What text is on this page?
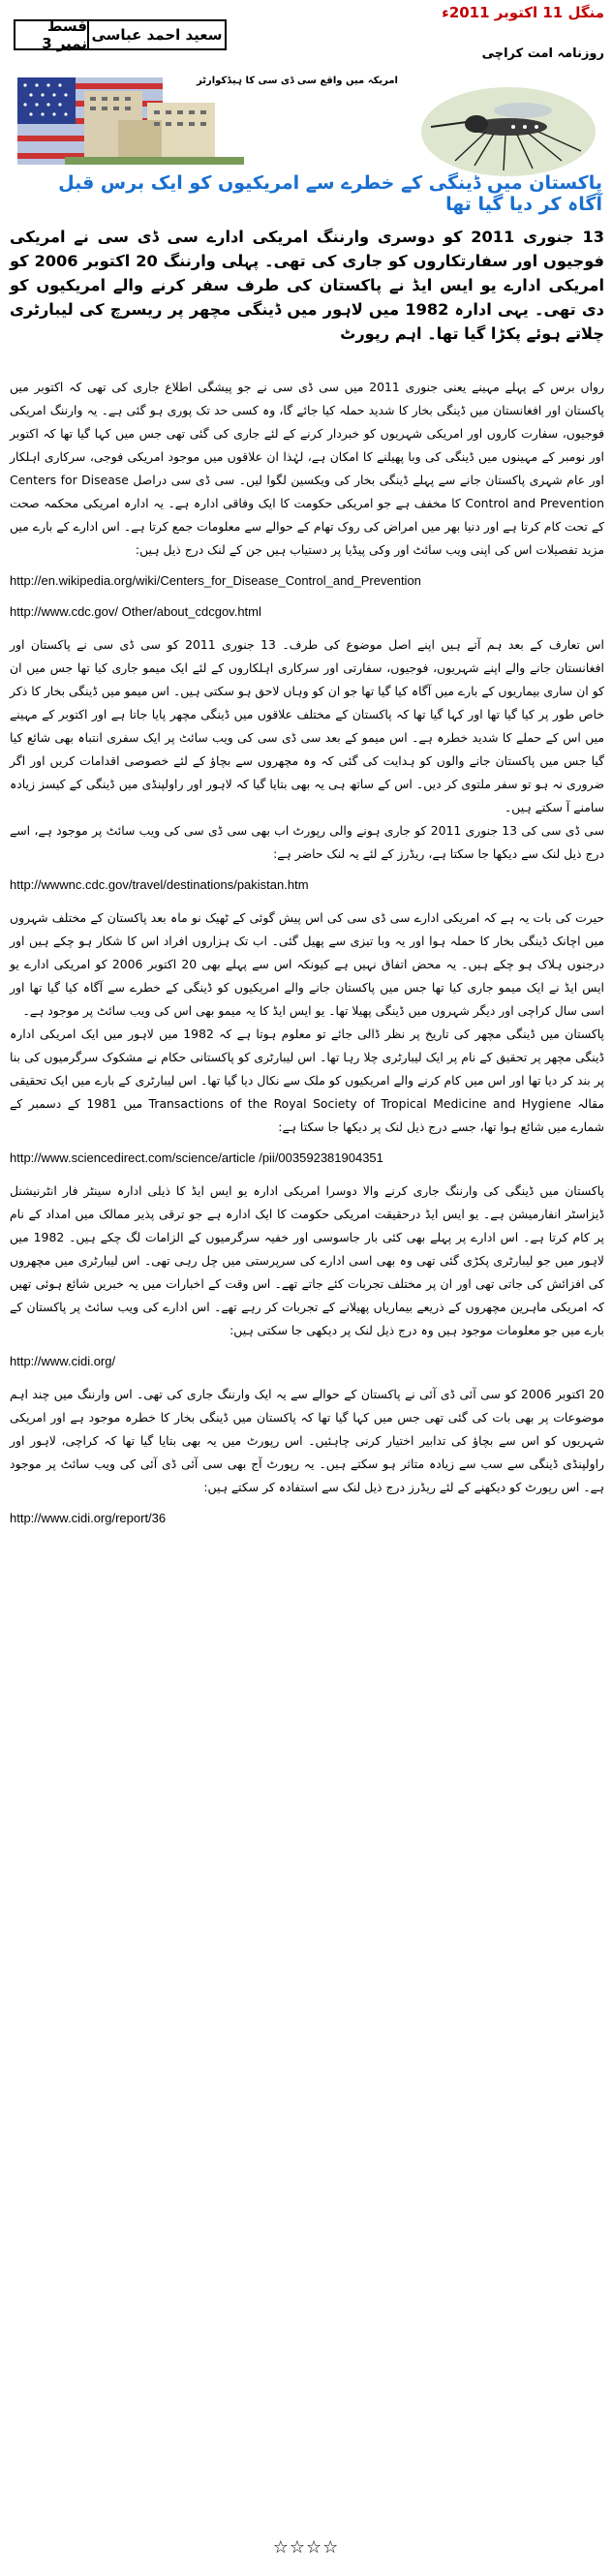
منگل 11 اکتوبر 2011ء
سعید احمد عباسی
قسط نمبر 3
روزنامہ امت کراچی
امریکہ میں واقع سی ڈی سی کا ہیڈکوارٹر
پاکستان میں ڈینگی کے خطرے سے امریکیوں کو ایک برس قبل آگاہ کر دیا گیا تھا
13 جنوری 2011 کو دوسری وارننگ امریکی ادارے سی ڈی سی نے امریکی فوجیوں اور سفارتکاروں کو جاری کی تھی۔ پہلی وارننگ 20 اکتوبر 2006 کو امریکی ادارے یو ایس ایڈ نے پاکستان کی طرف سفر کرنے والے امریکیوں کو دی تھی۔ یہی ادارہ 1982 میں لاہور میں ڈینگی مچھر پر ریسرچ کی لیبارٹری چلاتے ہوئے پکڑا گیا تھا۔ اہم رپورٹ

رواں برس کے پہلے مہینے یعنی جنوری 2011 میں سی ڈی سی نے جو پیشگی اطلاع جاری کی تھی کہ اکتوبر میں پاکستان اور افغانستان میں ڈینگی بخار کا شدید حملہ کیا جائے گا، وہ کسی حد تک پوری ہو گئی ہے۔ یہ وارننگ امریکی فوجیوں، سفارت کاروں اور امریکی شہریوں کو خبردار کرنے کے لئے جاری کی گئی تھی جس میں کہا گیا تھا کہ اکتوبر اور نومبر کے مہینوں میں ڈینگی کی وبا پھیلنے کا امکان ہے، لہٰذا ان علاقوں میں موجود امریکی فوجی، سرکاری اہلکار اور عام شہری پاکستان جانے سے پہلے ڈینگی بخار کی ویکسین لگوا لیں۔ سی ڈی سی دراصل Centers for Disease Control and Prevention کا مخفف ہے جو امریکی حکومت کا ایک وفاقی ادارہ ہے۔ یہ ادارہ امریکی محکمہ صحت کے تحت کام کرتا ہے اور دنیا بھر میں امراض کی روک تھام کے حوالے سے معلومات جمع کرتا ہے۔ اس ادارے کے بارے میں مزید تفصیلات اس کی اپنی ویب سائٹ اور وکی پیڈیا پر دستیاب ہیں جن کے لنک درج ذیل ہیں:

http://en.wikipedia.org/wiki/Centers_for_Disease_Control_and_Prevention
http://www.cdc.gov/ Other/about_cdcgov.html

اس تعارف کے بعد ہم آتے ہیں اپنے اصل موضوع کی طرف۔ 13 جنوری 2011 کو سی ڈی سی نے پاکستان اور افغانستان جانے والے اپنے شہریوں، فوجیوں، سفارتی اور سرکاری اہلکاروں کے لئے ایک میمو جاری کیا تھا جس میں ان کو ان ساری بیماریوں کے بارے میں آگاہ کیا گیا تھا جو ان کو وہاں لاحق ہو سکتی ہیں۔ اس میمو میں ڈینگی بخار کا ذکر خاص طور پر کیا گیا تھا اور کہا گیا تھا کہ پاکستان کے مختلف علاقوں میں ڈینگی مچھر پایا جاتا ہے اور اکتوبر کے مہینے میں اس کے حملے کا شدید خطرہ ہے۔ اس میمو کے بعد سی ڈی سی کی ویب سائٹ پر ایک سفری انتباہ بھی شائع کیا گیا جس میں پاکستان جانے والوں کو ہدایت کی گئی کہ وہ مچھروں سے بچاؤ کے لئے خصوصی اقدامات کریں اور اگر ضروری نہ ہو تو سفر ملتوی کر دیں۔ اس کے ساتھ ہی یہ بھی بتایا گیا کہ لاہور اور راولپنڈی میں ڈینگی کے کیسز زیادہ سامنے آ سکتے ہیں۔

سی ڈی سی کی 13 جنوری 2011 کو جاری ہونے والی رپورٹ اب بھی سی ڈی سی کی ویب سائٹ پر موجود ہے، اسے درج ذیل لنک سے دیکھا جا سکتا ہے، ریڈرز کے لئے یہ لنک حاضر ہے:

http://wwwnc.cdc.gov/travel/destinations/pakistan.htm

حیرت کی بات یہ ہے کہ امریکی ادارے سی ڈی سی کی اس پیش گوئی کے ٹھیک نو ماہ بعد پاکستان کے مختلف شہروں میں اچانک ڈینگی بخار کا حملہ ہوا اور یہ وبا تیزی سے پھیل گئی۔ اب تک ہزاروں افراد اس کا شکار ہو چکے ہیں اور درجنوں ہلاک ہو چکے ہیں۔ یہ محض اتفاق نہیں ہے کیونکہ اس سے پہلے بھی 20 اکتوبر 2006 کو امریکی ادارے یو ایس ایڈ نے ایک میمو جاری کیا تھا جس میں پاکستان جانے والے امریکیوں کو ڈینگی کے خطرے سے آگاہ کیا گیا تھا اور اسی سال کراچی اور دیگر شہروں میں ڈینگی پھیلا تھا۔ یو ایس ایڈ کا یہ میمو بھی اس کی ویب سائٹ پر موجود ہے۔

پاکستان میں ڈینگی مچھر کی تاریخ پر نظر ڈالی جائے تو معلوم ہوتا ہے کہ 1982 میں لاہور میں ایک امریکی ادارہ ڈینگی مچھر پر تحقیق کے نام پر ایک لیبارٹری چلا رہا تھا۔ اس لیبارٹری کو پاکستانی حکام نے مشکوک سرگرمیوں کی بنا پر بند کر دیا تھا اور اس میں کام کرنے والے امریکیوں کو ملک سے نکال دیا گیا تھا۔ اس لیبارٹری کے بارے میں ایک تحقیقی مقالہ Transactions of the Royal Society of Tropical Medicine and Hygiene میں 1981 کے دسمبر کے شمارے میں شائع ہوا تھا، جسے درج ذیل لنک پر دیکھا جا سکتا ہے:

http://www.sciencedirect.com/science/article /pii/003592381904351

پاکستان میں ڈینگی کی وارننگ جاری کرنے والا دوسرا امریکی ادارہ یو ایس ایڈ کا ذیلی ادارہ سینٹر فار انٹرنیشنل ڈیزاسٹر انفارمیشن ہے۔ یو ایس ایڈ درحقیقت امریکی حکومت کا ایک ادارہ ہے جو ترقی پذیر ممالک میں امداد کے نام پر کام کرتا ہے۔ اس ادارے پر پہلے بھی کئی بار جاسوسی اور خفیہ سرگرمیوں کے الزامات لگ چکے ہیں۔ 1982 میں لاہور میں جو لیبارٹری پکڑی گئی تھی وہ بھی اسی ادارے کی سرپرستی میں چل رہی تھی۔ اس لیبارٹری میں مچھروں کی افزائش کی جاتی تھی اور ان پر مختلف تجربات کئے جاتے تھے۔ اس وقت کے اخبارات میں یہ خبریں شائع ہوئی تھیں کہ امریکی ماہرین مچھروں کے ذریعے بیماریاں پھیلانے کے تجربات کر رہے تھے۔ اس ادارے کی ویب سائٹ پر پاکستان کے بارے میں جو معلومات موجود ہیں وہ درج ذیل لنک پر دیکھی جا سکتی ہیں:

http://www.cidi.org/

20 اکتوبر 2006 کو سی آئی ڈی آئی نے پاکستان کے حوالے سے یہ ایک وارننگ جاری کی تھی۔ اس وارننگ میں چند اہم موضوعات پر بھی بات کی گئی تھی جس میں کہا گیا تھا کہ پاکستان میں ڈینگی بخار کا خطرہ موجود ہے اور امریکی شہریوں کو اس سے بچاؤ کی تدابیر اختیار کرنی چاہئیں۔ اس رپورٹ میں یہ بھی بتایا گیا تھا کہ کراچی، لاہور اور راولپنڈی ڈینگی سے سب سے زیادہ متاثر ہو سکتے ہیں۔ یہ رپورٹ آج بھی سی آئی ڈی آئی کی ویب سائٹ پر موجود ہے۔ اس رپورٹ کو دیکھنے کے لئے ریڈرز درج ذیل لنک سے استفادہ کر سکتے ہیں:

http://www.cidi.org/report/36
☆☆☆☆
